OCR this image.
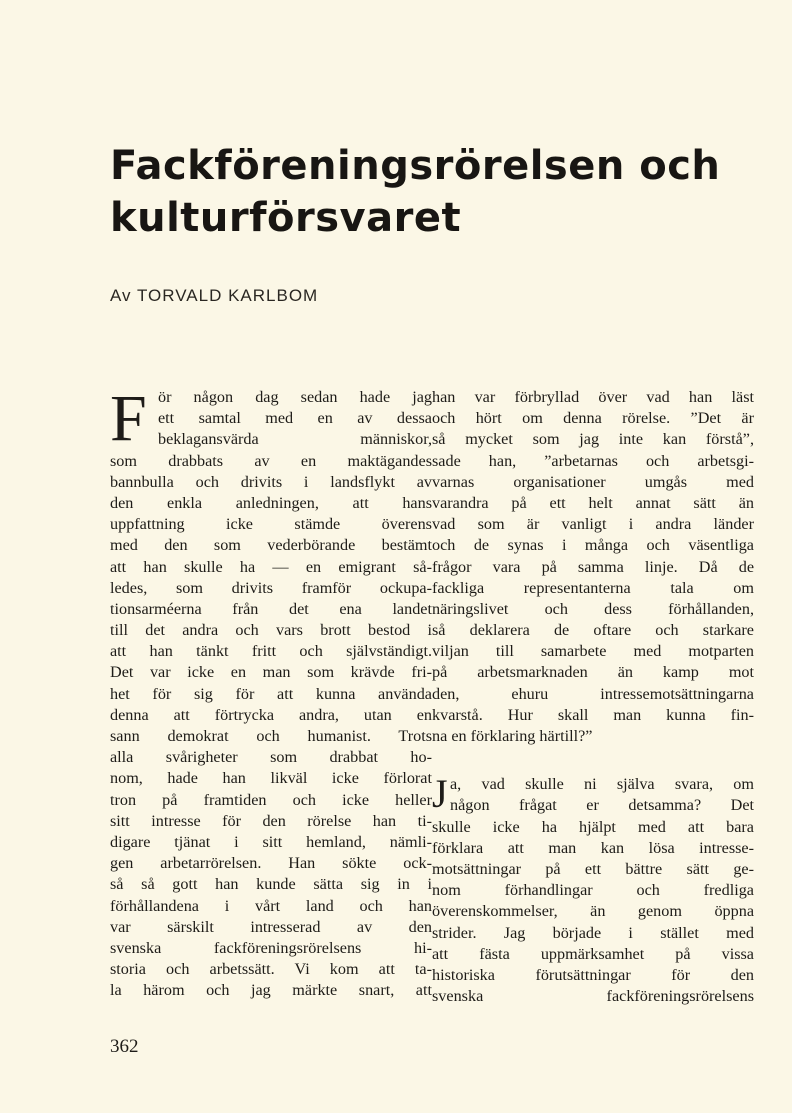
Fackföreningsrörelsen och
kulturförsvaret
Av TORVALD KARLBOM
F ör någon dag sedan hade jag
ett samtal med en av dessa
beklagansvärda människor,
som drabbats av en maktägandes
bannbulla och drivits i landsflykt av
den enkla anledningen, att hans
uppfattning icke stämde överens
med den som vederbörande bestämt
att han skulle ha — en emigrant så-
ledes, som drivits framför ockupa-
tionsarméerna från det ena landet
till det andra och vars brott bestod i
att han tänkt fritt och självständigt.
Det var icke en man som krävde fri-
het för sig för att kunna använda
denna att förtrycka andra, utan en
sann demokrat och humanist. Trots
alla svårigheter som drabbat ho-
nom, hade han likväl icke förlorat
tron på framtiden och icke heller
sitt intresse för den rörelse han ti-
digare tjänat i sitt hemland, nämli-
gen arbetarrörelsen. Han sökte ock-
så så gott han kunde sätta sig in i
förhållandena i vårt land och han
var särskilt intresserad av den
svenska fackföreningsrörelsens hi-
storia och arbetssätt. Vi kom att ta-
la härom och jag märkte snart, att
han var förbryllad över vad han läst
och hört om denna rörelse. ”Det är
så mycket som jag inte kan förstå”,
sade han, ”arbetarnas och arbetsgi-
varnas organisationer umgås med
varandra på ett helt annat sätt än
vad som är vanligt i andra länder
och de synas i många och väsentliga
frågor vara på samma linje. Då de
fackliga representanterna tala om
näringslivet och dess förhållanden,
så deklarera de oftare och starkare
viljan till samarbete med motparten
på arbetsmarknaden än kamp mot
den, ehuru intressemotsättningarna
kvarstå. Hur skall man kunna fin-
na en förklaring härtill?”
J a, vad skulle ni själva svara, om
någon frågat er detsamma? Det
skulle icke ha hjälpt med att bara
förklara att man kan lösa intresse-
motsättningar på ett bättre sätt ge-
nom förhandlingar och fredliga
överenskommelser, än genom öppna
strider. Jag började i stället med
att fästa uppmärksamhet på vissa
historiska förutsättningar för den
svenska fackföreningsrörelsens
362
